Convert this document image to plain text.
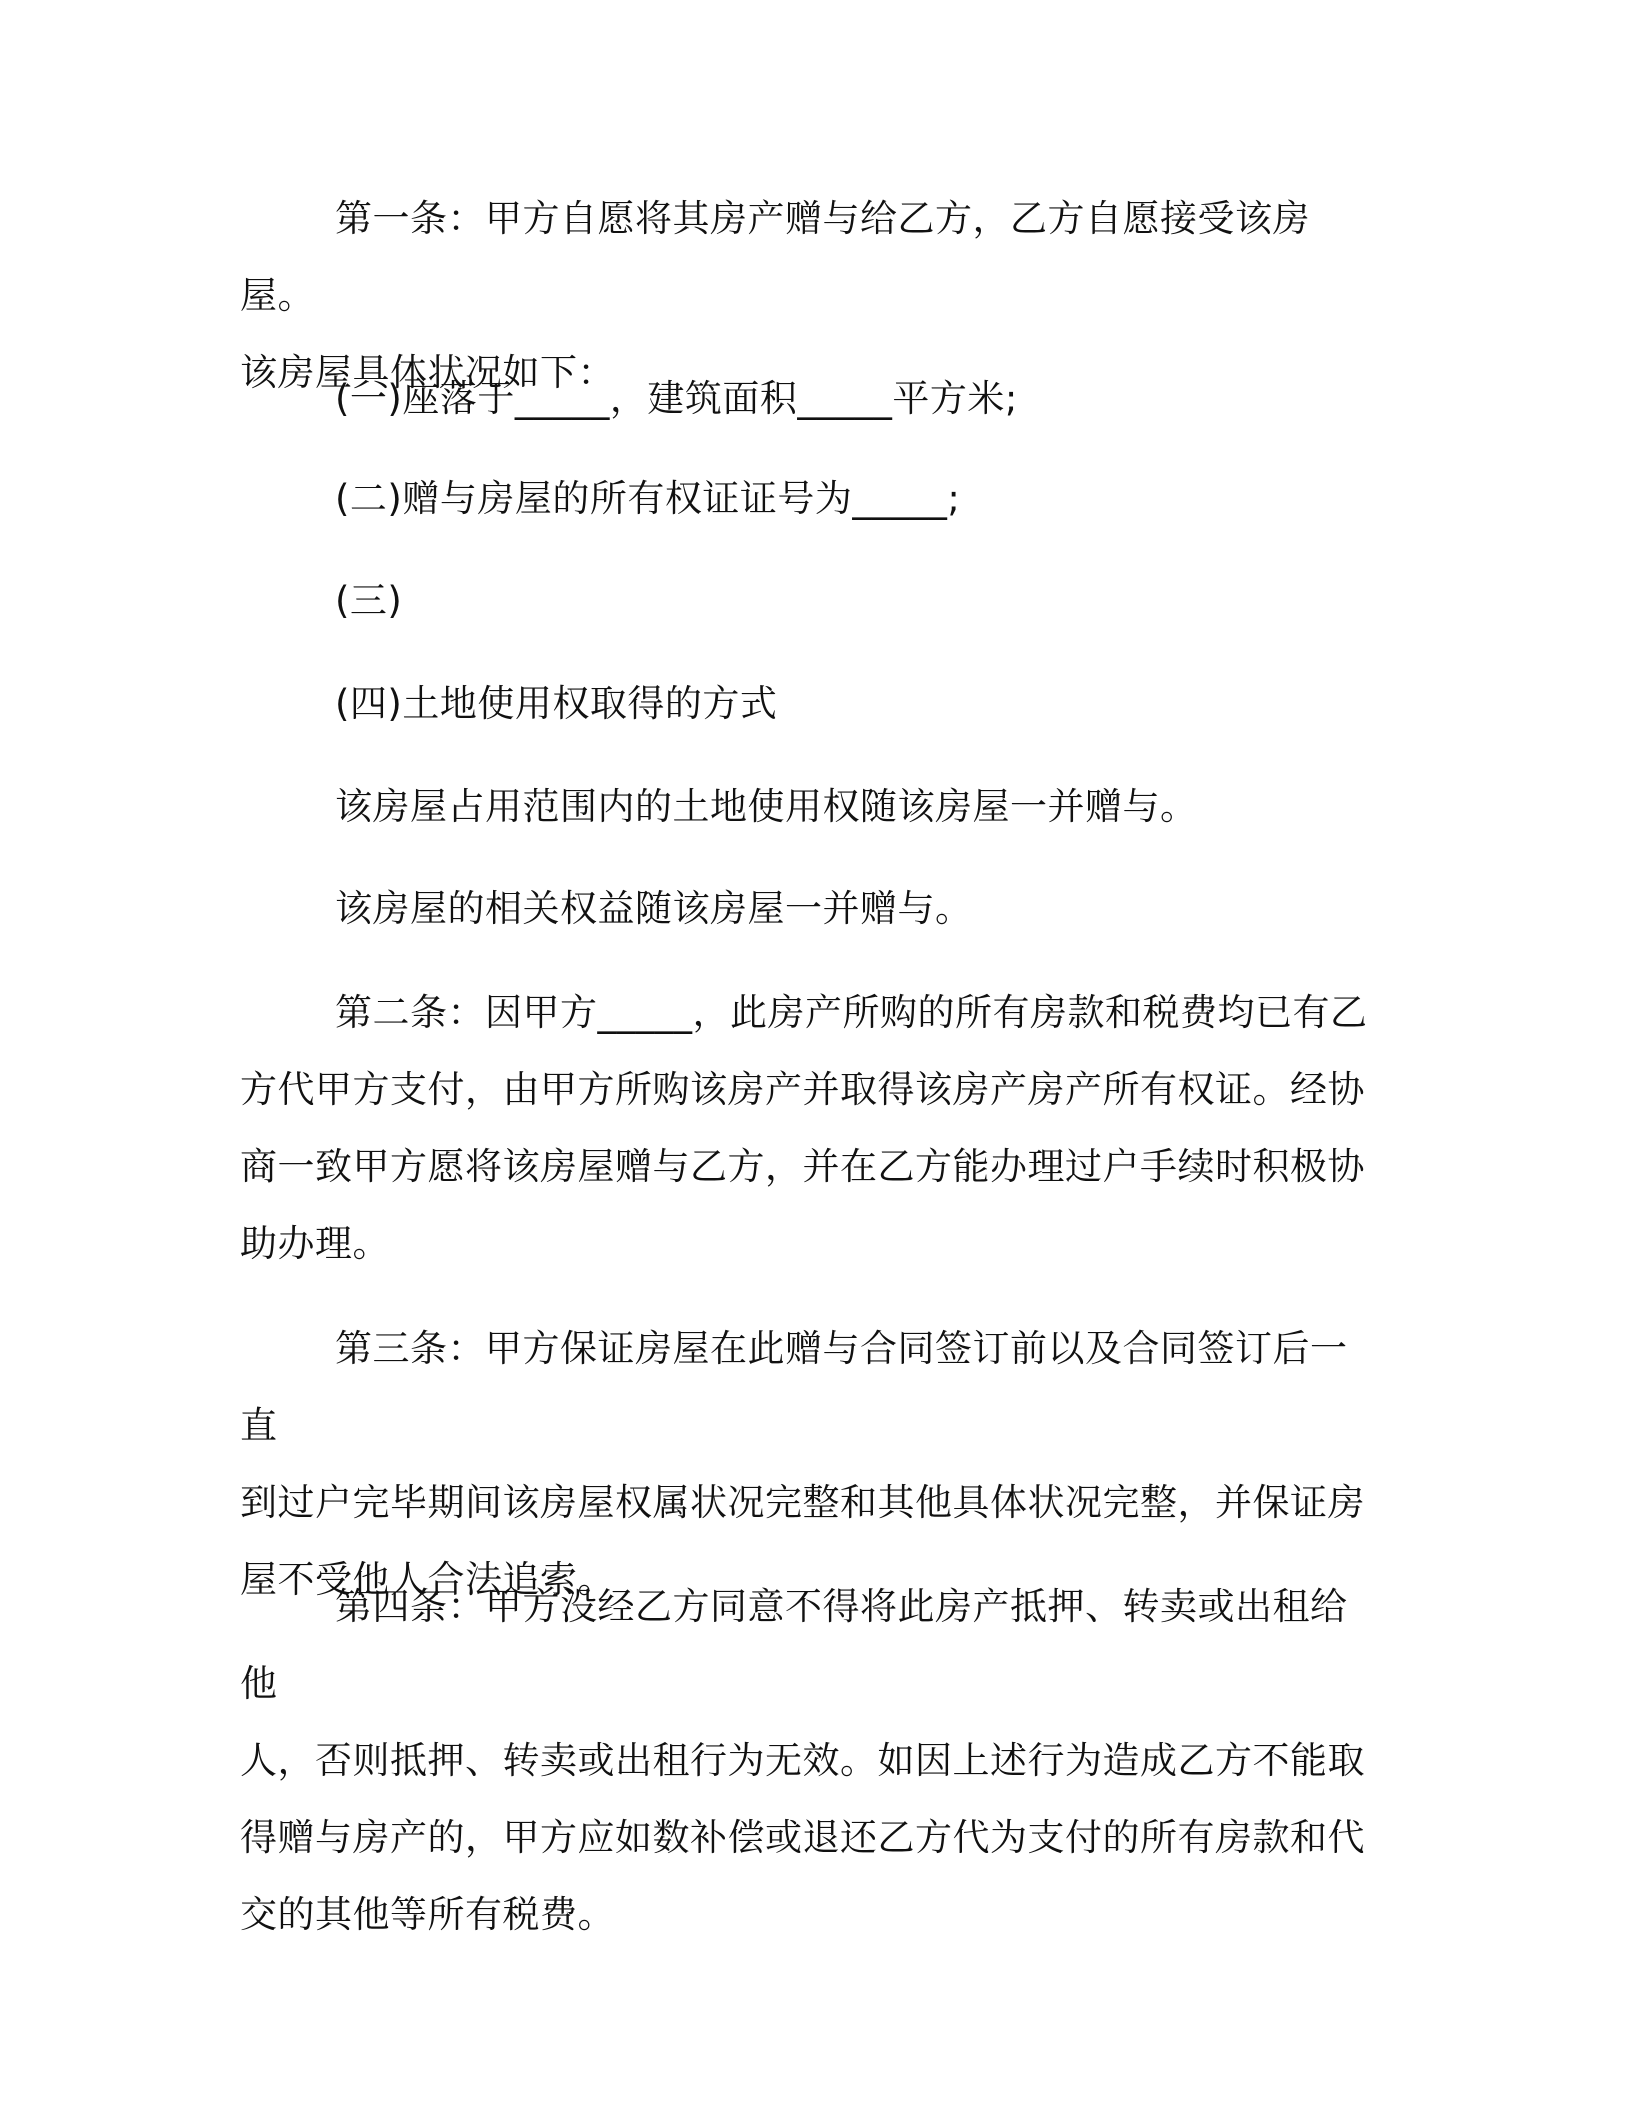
第一条：甲方自愿将其房产赠与给乙方，乙方自愿接受该房屋。
该房屋具体状况如下：
(一)座落于_____，建筑面积_____平方米;
(二)赠与房屋的所有权证证号为_____;
(三)
(四)土地使用权取得的方式
该房屋占用范围内的土地使用权随该房屋一并赠与。
该房屋的相关权益随该房屋一并赠与。
第二条：因甲方_____，此房产所购的所有房款和税费均已有乙
方代甲方支付，由甲方所购该房产并取得该房产房产所有权证。经协
商一致甲方愿将该房屋赠与乙方，并在乙方能办理过户手续时积极协
助办理。
第三条：甲方保证房屋在此赠与合同签订前以及合同签订后一直
到过户完毕期间该房屋权属状况完整和其他具体状况完整，并保证房
屋不受他人合法追索。
第四条：甲方没经乙方同意不得将此房产抵押、转卖或出租给他
人，否则抵押、转卖或出租行为无效。如因上述行为造成乙方不能取
得赠与房产的，甲方应如数补偿或退还乙方代为支付的所有房款和代
交的其他等所有税费。
